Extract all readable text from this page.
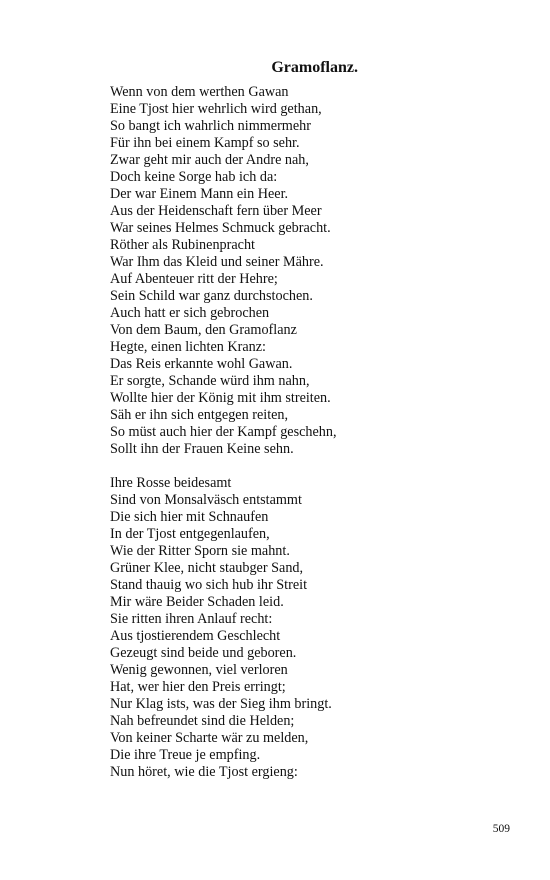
Gramoflanz.
Wenn von dem werthen Gawan
Eine Tjost hier wehrlich wird gethan,
So bangt ich wahrlich nimmermehr
Für ihn bei einem Kampf so sehr.
Zwar geht mir auch der Andre nah,
Doch keine Sorge hab ich da:
Der war Einem Mann ein Heer.
Aus der Heidenschaft fern über Meer
War seines Helmes Schmuck gebracht.
Röther als Rubinenpracht
War Ihm das Kleid und seiner Mähre.
Auf Abenteuer ritt der Hehre;
Sein Schild war ganz durchstochen.
Auch hatt er sich gebrochen
Von dem Baum, den Gramoflanz
Hegte, einen lichten Kranz:
Das Reis erkannte wohl Gawan.
Er sorgte, Schande würd ihm nahn,
Wollte hier der König mit ihm streiten.
Säh er ihn sich entgegen reiten,
So müst auch hier der Kampf geschehn,
Sollt ihn der Frauen Keine sehn.
Ihre Rosse beidesamt
Sind von Monsalväsch entstammt
Die sich hier mit Schnaufen
In der Tjost entgegenlaufen,
Wie der Ritter Sporn sie mahnt.
Grüner Klee, nicht staubger Sand,
Stand thauig wo sich hub ihr Streit
Mir wäre Beider Schaden leid.
Sie ritten ihren Anlauf recht:
Aus tjostierendem Geschlecht
Gezeugt sind beide und geboren.
Wenig gewonnen, viel verloren
Hat, wer hier den Preis erringt;
Nur Klag ists, was der Sieg ihm bringt.
Nah befreundet sind die Helden;
Von keiner Scharte wär zu melden,
Die ihre Treue je empfing.
Nun höret, wie die Tjost ergieng:
509
